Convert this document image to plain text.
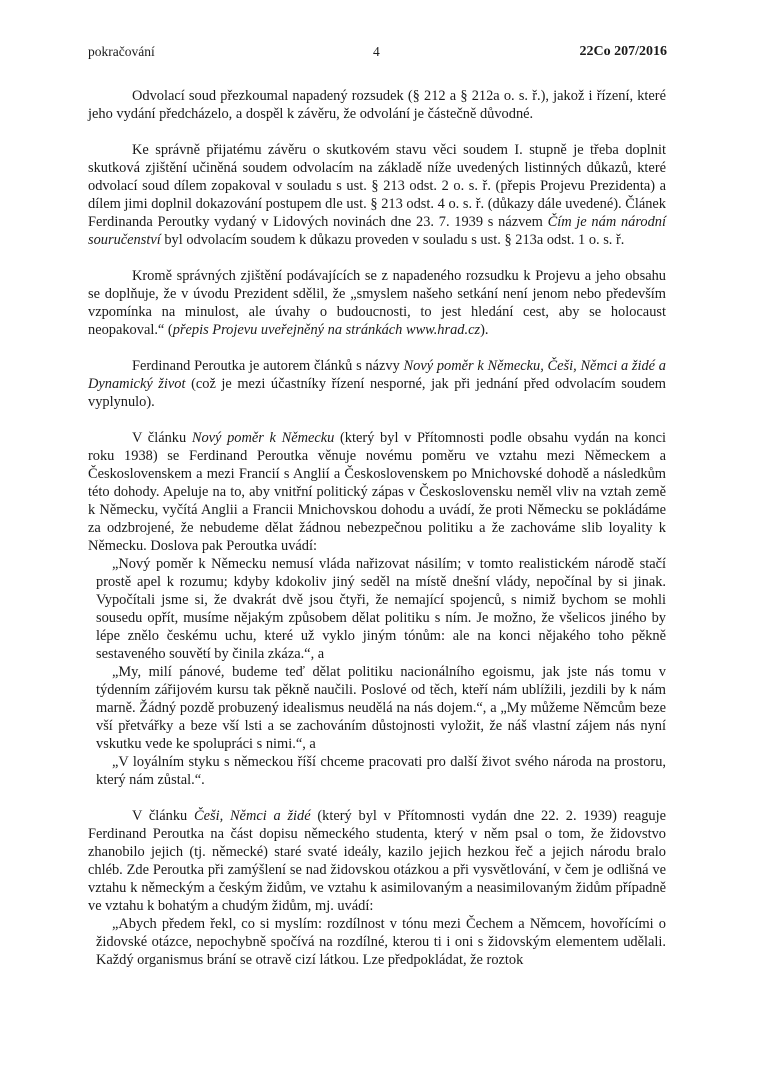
pokračování	4	22Co 207/2016

Odvolací soud přezkoumal napadený rozsudek (§ 212 a § 212a o. s. ř.), jakož i řízení, které jeho vydání předcházelo, a dospěl k závěru, že odvolání je částečně důvodné.

Ke správně přijatému závěru o skutkovém stavu věci soudem I. stupně je třeba doplnit skutková zjištění učiněná soudem odvolacím na základě níže uvedených listinných důkazů, které odvolací soud dílem zopakoval v souladu s ust. § 213 odst. 2 o. s. ř. (přepis Projevu Prezidenta) a dílem jimi doplnil dokazování postupem dle ust. § 213 odst. 4 o. s. ř. (důkazy dále uvedené). Článek Ferdinanda Peroutky vydaný v Lidových novinách dne 23. 7. 1939 s názvem Čím je nám národní souručenství byl odvolacím soudem k důkazu proveden v souladu s ust. § 213a odst. 1 o. s. ř.

Kromě správných zjištění podávajících se z napadeného rozsudku k Projevu a jeho obsahu se doplňuje, že v úvodu Prezident sdělil, že „smyslem našeho setkání není jenom nebo především vzpomínka na minulost, ale úvahy o budoucnosti, to jest hledání cest, aby se holocaust neopakoval.“ (přepis Projevu uveřejněný na stránkách www.hrad.cz).

Ferdinand Peroutka je autorem článků s názvy Nový poměr k Německu, Češi, Němci a židé a Dynamický život (což je mezi účastníky řízení nesporné, jak při jednání před odvolacím soudem vyplynulo).

V článku Nový poměr k Německu (který byl v Přítomnosti podle obsahu vydán na konci roku 1938) se Ferdinand Peroutka věnuje novému poměru ve vztahu mezi Německem a Československem a mezi Francií s Anglií a Československem po Mnichovské dohodě a následkům této dohody. Apeluje na to, aby vnitřní politický zápas v Československu neměl vliv na vztah země k Německu, vyčítá Anglii a Francii Mnichovskou dohodu a uvádí, že proti Německu se pokládáme za odzbrojené, že nebudeme dělat žádnou nebezpečnou politiku a že zachováme slib loyality k Německu. Doslova pak Peroutka uvádí:

„Nový poměr k Německu nemusí vláda nařizovat násilím; v tomto realistickém národě stačí prostě apel k rozumu; kdyby kdokoliv jiný seděl na místě dnešní vlády, nepočínal by si jinak. Vypočítali jsme si, že dvakrát dvě jsou čtyři, že nemající spojenců, s nimiž bychom se mohli sousedu opřít, musíme nějakým způsobem dělat politiku s ním. Je možno, že všelicos jiného by lépe znělo českému uchu, které už vyklo jiným tónům: ale na konci nějakého toho pěkně sestaveného souvětí by činila zkáza.“, a

„My, milí pánové, budeme teď dělat politiku nacionálního egoismu, jak jste nás tomu v týdenním zářijovém kursu tak pěkně naučili. Poslové od těch, kteří nám ublížili, jezdili by k nám marně. Žádný pozdě probuzený idealismus neudělá na nás dojem.“, a „My můžeme Němcům beze vší přetvářky a beze vší lsti a se zachováním důstojnosti vyložit, že náš vlastní zájem nás nyní vskutku vede ke spolupráci s nimi.“, a

„V loyálním styku s německou říší chceme pracovati pro další život svého národa na prostoru, který nám zůstal.“.

V článku Češi, Němci a židé (který byl v Přítomnosti vydán dne 22. 2. 1939) reaguje Ferdinand Peroutka na část dopisu německého studenta, který v něm psal o tom, že židovstvo zhanobilo jejich (tj. německé) staré svaté ideály, kazilo jejich hezkou řeč a jejich národu bralo chléb. Zde Peroutka při zamýšlení se nad židovskou otázkou a při vysvětlování, v čem je odlišná ve vztahu k německým a českým židům, ve vztahu k asimilovaným a neasimilovaným židům případně ve vztahu k bohatým a chudým židům, mj. uvádí:

„Abych předem řekl, co si myslím: rozdílnost v tónu mezi Čechem a Němcem, hovořícími o židovské otázce, nepochybně spočívá na rozdílné, kterou ti i oni s židovským elementem udělali. Každý organismus brání se otravě cizí látkou. Lze předpokládat, že roztok
